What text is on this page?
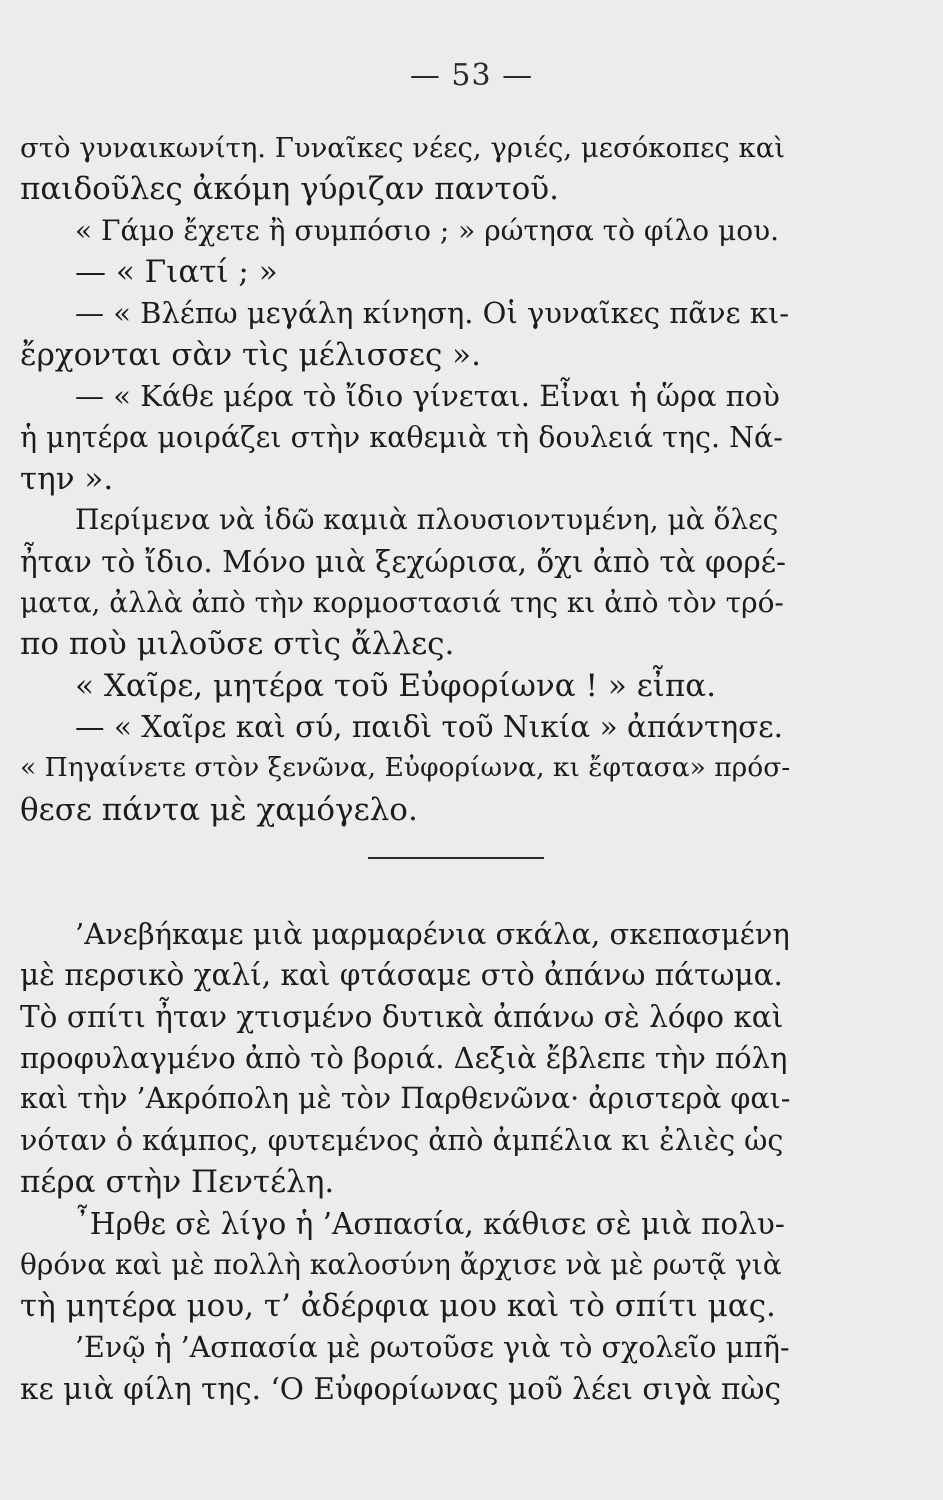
— 53 —
στὸ γυναικωνίτη. Γυναῖκες νέες, γριές, μεσόκοπες καὶ
παιδοῦλες ἀκόμη γύριζαν παντοῦ.
« Γάμο ἔχετε ἢ συμπόσιο ; » ρώτησα τὸ φίλο μου.
— « Γιατί ; »
— « Βλέπω μεγάλη κίνηση. Οἱ γυναῖκες πᾶνε κι-
ἔρχονται σὰν τὶς μέλισσες ».
— « Κάθε μέρα τὸ ἴδιο γίνεται. Εἶναι ἡ ὥρα ποὺ
ἡ μητέρα μοιράζει στὴν καθεμιὰ τὴ δουλειά της. Νά-
την ».
Περίμενα νὰ ἰδῶ καμιὰ πλουσιοντυμένη, μὰ ὅλες
ἦταν τὸ ἴδιο. Μόνο μιὰ ξεχώρισα, ὄχι ἀπὸ τὰ φορέ-
ματα, ἀλλὰ ἀπὸ τὴν κορμοστασιά της κι ἀπὸ τὸν τρό-
πο ποὺ μιλοῦσε στὶς ἄλλες.
« Χαῖρε, μητέρα τοῦ Εὐφορίωνα ! » εἶπα.
— « Χαῖρε καὶ σύ, παιδὶ τοῦ Νικία » ἀπάντησε.
« Πηγαίνετε στὸν ξενῶνα, Εὐφορίωνα, κι ἔφτασα» πρόσ-
θεσε πάντα μὲ χαμόγελο.
’Ανεβήκαμε μιὰ μαρμαρένια σκάλα, σκεπασμένη
μὲ περσικὸ χαλί, καὶ φτάσαμε στὸ ἀπάνω πάτωμα.
Τὸ σπίτι ἦταν χτισμένο δυτικὰ ἀπάνω σὲ λόφο καὶ
προφυλαγμένο ἀπὸ τὸ βοριά. Δεξιὰ ἔβλεπε τὴν πόλη
καὶ τὴν ’Ακρόπολη μὲ τὸν Παρθενῶνα· ἀριστερὰ φαι-
νόταν ὁ κάμπος, φυτεμένος ἀπὸ ἀμπέλια κι ἐλιὲς ὡς
πέρα στὴν Πεντέλη.
῏Ηρθε σὲ λίγο ἡ ’Ασπασία, κάθισε σὲ μιὰ πολυ-
θρόνα καὶ μὲ πολλὴ καλοσύνη ἄρχισε νὰ μὲ ρωτᾷ γιὰ
τὴ μητέρα μου, τ’ ἀδέρφια μου καὶ τὸ σπίτι μας.
’Ενῷ ἡ ’Ασπασία μὲ ρωτοῦσε γιὰ τὸ σχολεῖο μπῆ-
κε μιὰ φίλη της. ‘Ο Εὐφορίωνας μοῦ λέει σιγὰ πὼς
